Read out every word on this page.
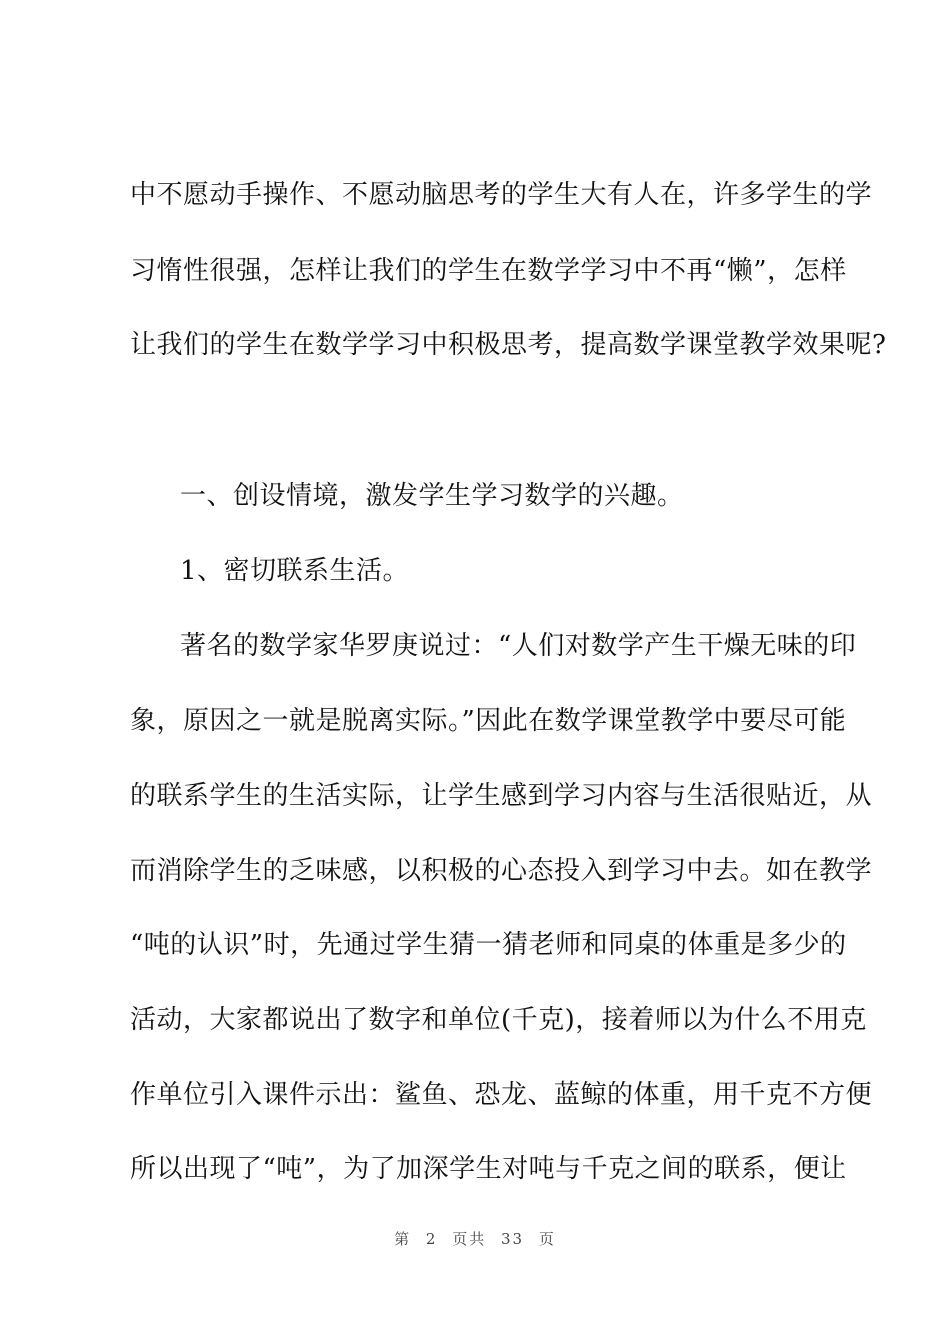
中不愿动手操作、不愿动脑思考的学生大有人在，许多学生的学
习惰性很强，怎样让我们的学生在数学学习中不再“懒”，怎样
让我们的学生在数学学习中积极思考，提高数学课堂教学效果呢?
一、创设情境，激发学生学习数学的兴趣。
1、密切联系生活。
著名的数学家华罗庚说过：“人们对数学产生干燥无味的印
象，原因之一就是脱离实际。”因此在数学课堂教学中要尽可能
的联系学生的生活实际，让学生感到学习内容与生活很贴近，从
而消除学生的乏味感，以积极的心态投入到学习中去。如在教学
“吨的认识”时，先通过学生猜一猜老师和同桌的体重是多少的
活动，大家都说出了数字和单位(千克)，接着师以为什么不用克
作单位引入课件示出：鲨鱼、恐龙、蓝鲸的体重，用千克不方便
所以出现了“吨”，为了加深学生对吨与千克之间的联系，便让
第 2 页共 33 页
